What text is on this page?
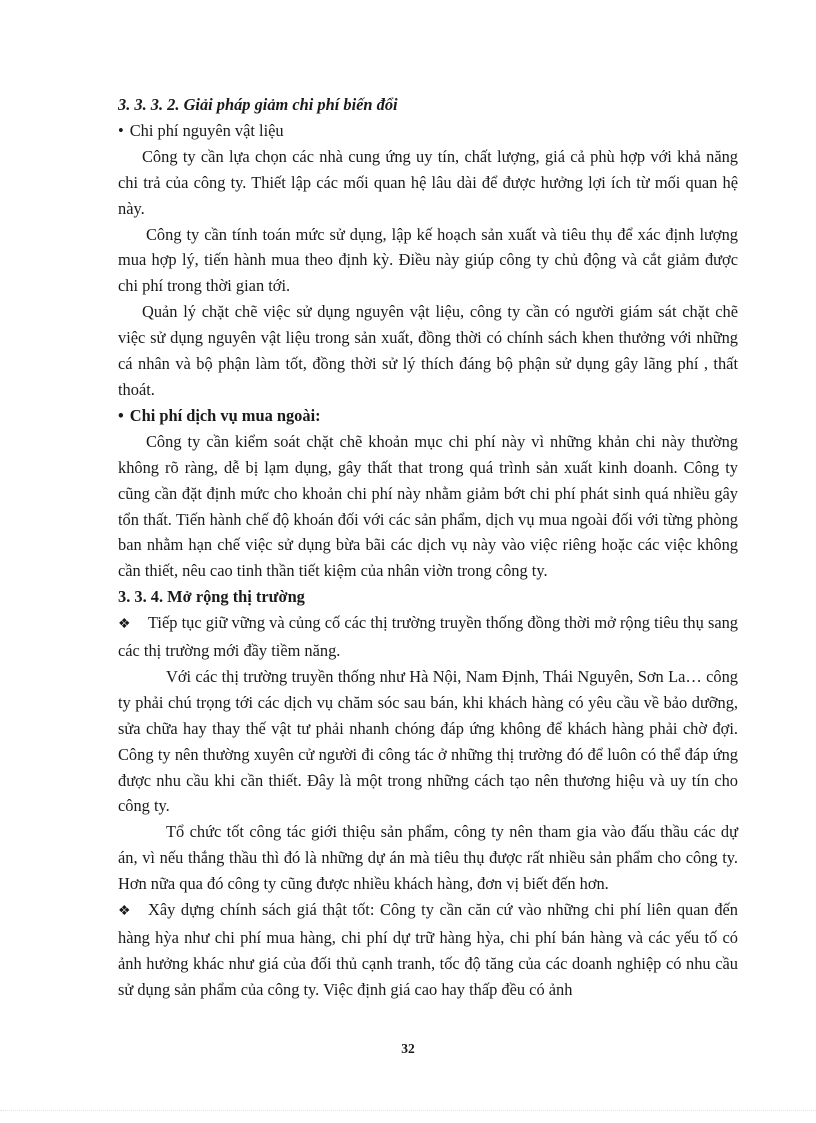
3. 3. 3. 2. Giải pháp giảm chi phí biến đổi

• Chi phí nguyên vật liệu

Công ty cần lựa chọn các nhà cung ứng uy tín, chất lượng, giá cả phù hợp với khả năng chi trả của công ty. Thiết lập các mối quan hệ lâu dài để được hưởng lợi ích từ mối quan hệ này.

Công ty cần tính toán mức sử dụng, lập kế hoạch sản xuất và tiêu thụ để xác định lượng mua hợp lý, tiến hành mua theo định kỳ. Điều này giúp công ty chủ động và cắt giảm được chi phí trong thời gian tới.

Quản lý chặt chẽ việc sử dụng nguyên vật liệu, công ty cần có người giám sát chặt chẽ việc sử dụng nguyên vật liệu trong sản xuất, đồng thời có chính sách khen thưởng với những cá nhân và bộ phận làm tốt, đồng thời sử lý thích đáng bộ phận sử dụng gây lãng phí , thất thoát.

• Chi phí dịch vụ mua ngoài:

Công ty cần kiểm soát chặt chẽ khoản mục chi phí này vì những khản chi này thường không rõ ràng, dễ bị lạm dụng, gây thất that trong quá trình sản xuất kinh doanh. Công ty cũng cần đặt định mức cho khoản chi phí này nhằm giảm bớt chi phí phát sinh quá nhiều gây tổn thất. Tiến hành chế độ khoán đối với các sản phẩm, dịch vụ mua ngoài đối với từng phòng ban nhằm hạn chế việc sử dụng bừa bãi các dịch vụ này vào việc riêng hoặc các việc không cần thiết, nêu cao tinh thần tiết kiệm của nhân viờn trong công ty.

3. 3. 4. Mở rộng thị trường

❖ Tiếp tục giữ vững và củng cố các thị trường truyền thống đồng thời mở rộng tiêu thụ sang các thị trường mới đầy tiềm năng.

Với các thị trường truyền thống như Hà Nội, Nam Định, Thái Nguyên, Sơn La… công ty phải chú trọng tới các dịch vụ chăm sóc sau bán, khi khách hàng có yêu cầu về bảo dưỡng, sửa chữa hay thay thế vật tư phải nhanh chóng đáp ứng không để khách hàng phải chờ đợi. Công ty nên thường xuyên cử người đi công tác ở những thị trường đó để luôn có thể đáp ứng được nhu cầu khi cần thiết. Đây là một trong những cách tạo nên thương hiệu và uy tín cho công ty.

Tổ chức tốt công tác giới thiệu sản phẩm, công ty nên tham gia vào đấu thầu các dự án, vì nếu thắng thầu thì đó là những dự án mà tiêu thụ được rất nhiều sản phẩm cho công ty. Hơn nữa qua đó công ty cũng được nhiều khách hàng, đơn vị biết đến hơn.

❖ Xây dựng chính sách giá thật tốt: Công ty cần căn cứ vào những chi phí liên quan đến hàng hỳa như chi phí mua hàng, chi phí dự trữ hàng hỳa, chi phí bán hàng và các yếu tố có ảnh hưởng khác như giá của đối thủ cạnh tranh, tốc độ tăng của các doanh nghiệp có nhu cầu sử dụng sản phẩm của công ty. Việc định giá cao hay thấp đều có ảnh

32
